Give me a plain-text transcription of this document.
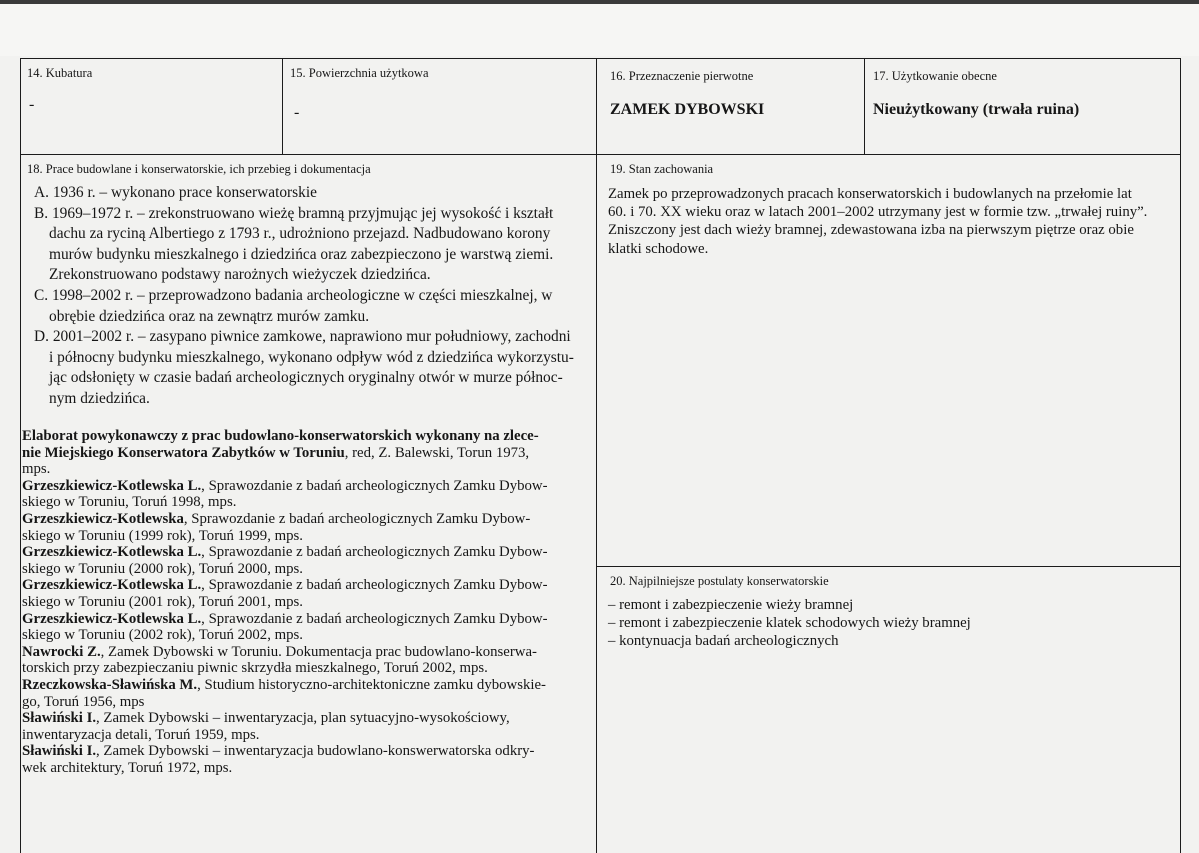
14. Kubatura
-
15. Powierzchnia użytkowa
-
16. Przeznaczenie pierwotne
ZAMEK DYBOWSKI
17. Użytkowanie obecne
Nieużytkowany (trwała ruina)
18. Prace budowlane i konserwatorskie, ich przebieg i dokumentacja
A. 1936 r. – wykonano prace konserwatorskie
B. 1969–1972 r. – zrekonstruowano wieżę bramną przyjmując jej wysokość i kształt
dachu za ryciną Albertiego z 1793 r., udrożniono przejazd. Nadbudowano korony
murów budynku mieszkalnego i dziedzińca oraz zabezpieczono je warstwą ziemi.
Zrekonstruowano podstawy narożnych wieżyczek dziedzińca.
C. 1998–2002 r. – przeprowadzono badania archeologiczne w części mieszkalnej, w
obrębie dziedzińca oraz na zewnątrz murów zamku.
D. 2001–2002 r. – zasypano piwnice zamkowe, naprawiono mur południowy, zachodni
i północny budynku mieszkalnego, wykonano odpływ wód z dziedzińca wykorzystu-
jąc odsłonięty w czasie badań archeologicznych oryginalny otwór w murze północ-
nym dziedzińca.

Elaborat powykonawczy z prac budowlano-konserwatorskich wykonany na zlece-
nie Miejskiego Konserwatora Zabytków w Toruniu, red, Z. Balewski, Torun 1973,
mps.

Grzeszkiewicz-Kotlewska L., Sprawozdanie z badań archeologicznych Zamku Dybow-
skiego w Toruniu, Toruń 1998, mps.

Grzeszkiewicz-Kotlewska, Sprawozdanie z badań archeologicznych Zamku Dybow-
skiego w Toruniu (1999 rok), Toruń 1999, mps.

Grzeszkiewicz-Kotlewska L., Sprawozdanie z badań archeologicznych Zamku Dybow-
skiego w Toruniu (2000 rok), Toruń 2000, mps.

Grzeszkiewicz-Kotlewska L., Sprawozdanie z badań archeologicznych Zamku Dybow-
skiego w Toruniu (2001 rok), Toruń 2001, mps.

Grzeszkiewicz-Kotlewska L., Sprawozdanie z badań archeologicznych Zamku Dybow-
skiego w Toruniu (2002 rok), Toruń 2002, mps.

Nawrocki Z., Zamek Dybowski w Toruniu. Dokumentacja prac budowlano-konserwa-
torskich przy zabezpieczaniu piwnic skrzydła mieszkalnego, Toruń 2002, mps.

Rzeczkowska-Sławińska M., Studium historyczno-architektoniczne zamku dybowskie-
go, Toruń 1956, mps

Sławiński I., Zamek Dybowski – inwentaryzacja, plan sytuacyjno-wysokościowy,
inwentaryzacja detali, Toruń 1959, mps.

Sławiński I., Zamek Dybowski – inwentaryzacja budowlano-konswerwatorska odkry-
wek architektury, Toruń 1972, mps.

19. Stan zachowania
Zamek po przeprowadzonych pracach konserwatorskich i budowlanych na przełomie lat
60. i 70. XX wieku oraz w latach 2001–2002 utrzymany jest w formie tzw. „trwałej ruiny”.
Zniszczony jest dach wieży bramnej, zdewastowana izba na pierwszym piętrze oraz obie
klatki schodowe.
20. Najpilniejsze postulaty konserwatorskie
– remont i zabezpieczenie wieży bramnej
– remont i zabezpieczenie klatek schodowych wieży bramnej
– kontynuacja badań archeologicznych
